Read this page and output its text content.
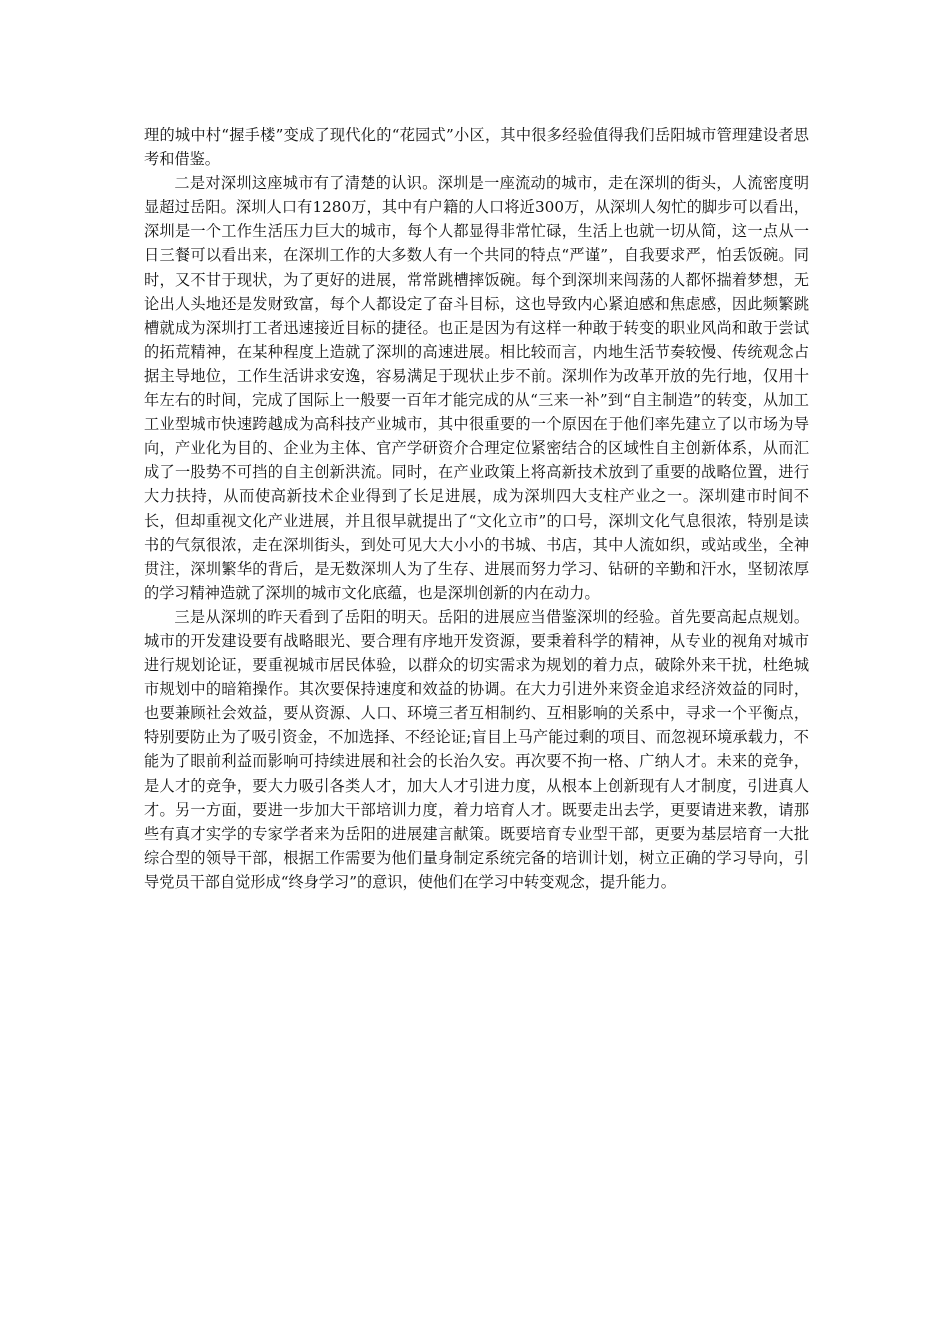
理的城中村“握手楼”变成了现代化的“花园式”小区，其中很多经验值得我们岳阳城市管理建设者思考和借鉴。

二是对深圳这座城市有了清楚的认识。深圳是一座流动的城市，走在深圳的街头，人流密度明显超过岳阳。深圳人口有1280万，其中有户籍的人口将近300万，从深圳人匆忙的脚步可以看出，深圳是一个工作生活压力巨大的城市，每个人都显得非常忙碌，生活上也就一切从简，这一点从一日三餐可以看出来，在深圳工作的大多数人有一个共同的特点“严谨”，自我要求严，怕丢饭碗。同时，又不甘于现状，为了更好的进展，常常跳槽摔饭碗。每个到深圳来闯荡的人都怀揣着梦想，无论出人头地还是发财致富，每个人都设定了奋斗目标，这也导致内心紧迫感和焦虑感，因此频繁跳槽就成为深圳打工者迅速接近目标的捷径。也正是因为有这样一种敢于转变的职业风尚和敢于尝试的拓荒精神，在某种程度上造就了深圳的高速进展。相比较而言，内地生活节奏较慢、传统观念占据主导地位，工作生活讲求安逸，容易满足于现状止步不前。深圳作为改革开放的先行地，仅用十年左右的时间，完成了国际上一般要一百年才能完成的从“三来一补”到“自主制造”的转变，从加工工业型城市快速跨越成为高科技产业城市，其中很重要的一个原因在于他们率先建立了以市场为导向，产业化为目的、企业为主体、官产学研资介合理定位紧密结合的区域性自主创新体系，从而汇成了一股势不可挡的自主创新洪流。同时，在产业政策上将高新技术放到了重要的战略位置，进行大力扶持，从而使高新技术企业得到了长足进展，成为深圳四大支柱产业之一。深圳建市时间不长，但却重视文化产业进展，并且很早就提出了“文化立市”的口号，深圳文化气息很浓，特别是读书的气氛很浓，走在深圳街头，到处可见大大小小的书城、书店，其中人流如织，或站或坐，全神贯注，深圳繁华的背后，是无数深圳人为了生存、进展而努力学习、钻研的辛勤和汗水，坚韧浓厚的学习精神造就了深圳的城市文化底蕴，也是深圳创新的内在动力。

三是从深圳的昨天看到了岳阳的明天。岳阳的进展应当借鉴深圳的经验。首先要高起点规划。城市的开发建设要有战略眼光、要合理有序地开发资源，要秉着科学的精神，从专业的视角对城市进行规划论证，要重视城市居民体验，以群众的切实需求为规划的着力点，破除外来干扰，杜绝城市规划中的暗箱操作。其次要保持速度和效益的协调。在大力引进外来资金追求经济效益的同时，也要兼顾社会效益，要从资源、人口、环境三者互相制约、互相影响的关系中，寻求一个平衡点，特别要防止为了吸引资金，不加选择、不经论证;盲目上马产能过剩的项目、而忽视环境承载力，不能为了眼前利益而影响可持续进展和社会的长治久安。再次要不拘一格、广纳人才。未来的竞争，是人才的竞争，要大力吸引各类人才，加大人才引进力度，从根本上创新现有人才制度，引进真人才。另一方面，要进一步加大干部培训力度，着力培育人才。既要走出去学，更要请进来教，请那些有真才实学的专家学者来为岳阳的进展建言献策。既要培育专业型干部，更要为基层培育一大批综合型的领导干部，根据工作需要为他们量身制定系统完备的培训计划，树立正确的学习导向，引导党员干部自觉形成“终身学习”的意识，使他们在学习中转变观念，提升能力。
